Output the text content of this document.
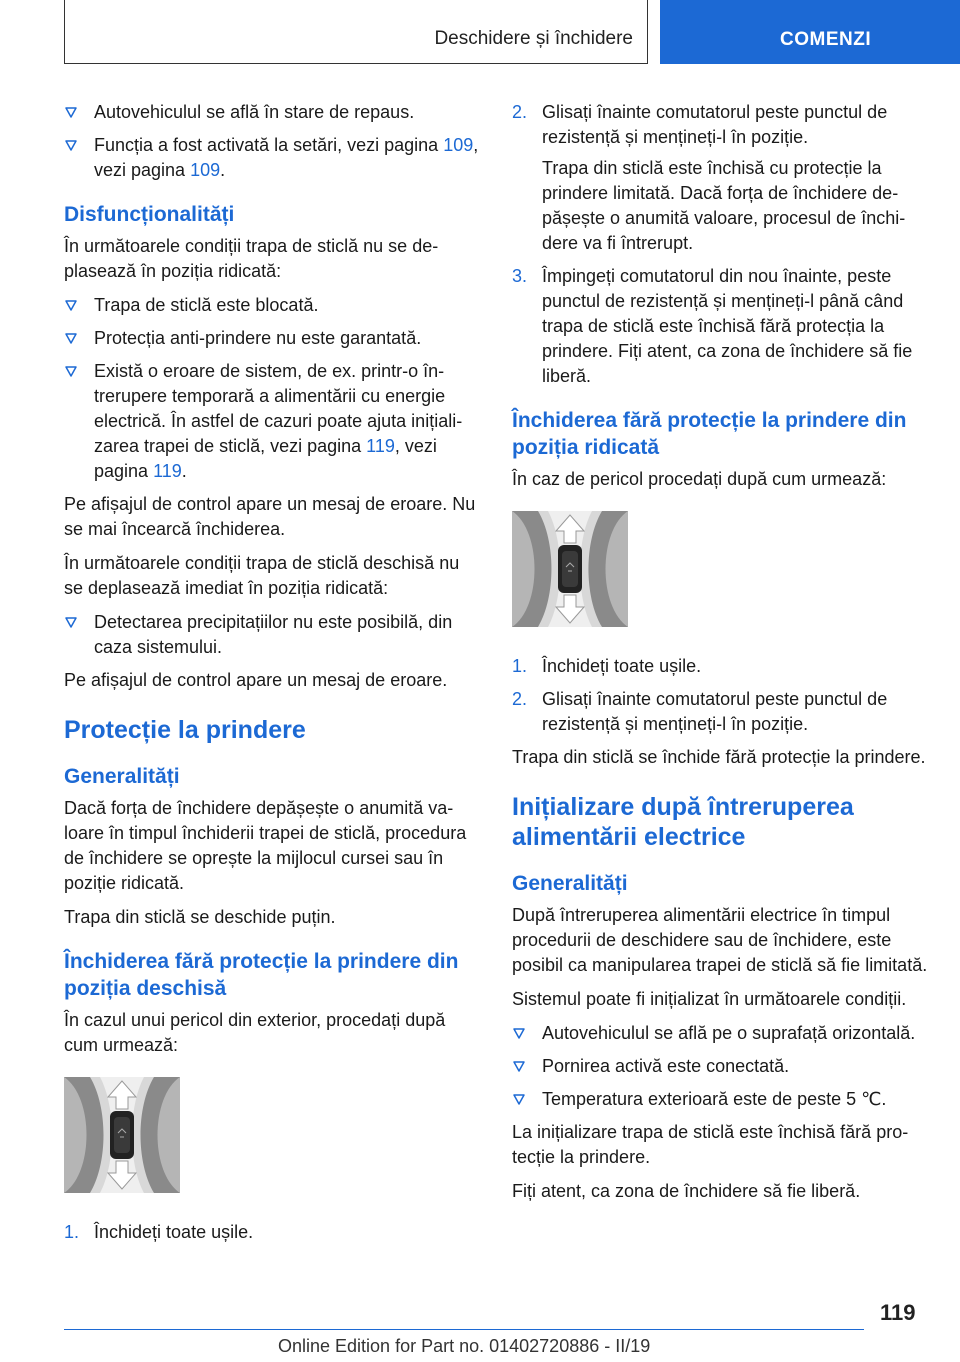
Deschidere și închidere	COMENZI
Autovehiculul se află în stare de repaus.
Funcția a fost activată la setări, vezi pagina 109, vezi pagina 109.
Disfuncționalități

În următoarele condiții trapa de sticlă nu se deplasează în poziția ridicată:

Trapa de sticlă este blocată.
Protecția anti-prindere nu este garantată.
Există o eroare de sistem, de ex. printr-o întrerupere temporară a alimentării cu energie electrică. În astfel de cazuri poate ajuta inițializarea trapei de sticlă, vezi pagina 119, vezi pagina 119.

Pe afișajul de control apare un mesaj de eroare. Nu se mai încearcă închiderea.

În următoarele condiții trapa de sticlă deschisă nu se deplasează imediat în poziția ridicată:

Detectarea precipitațiilor nu este posibilă, din caza sistemului.

Pe afișajul de control apare un mesaj de eroare.

Protecție la prindere
Generalități

Dacă forța de închidere depășește o anumită valoare în timpul închiderii trapei de sticlă, procedura de închidere se oprește la mijlocul cursei sau în poziție ridicată.

Trapa din sticlă se deschide puțin.

Închiderea fără protecție la prindere din poziția deschisă

În cazul unui pericol din exterior, procedați după cum urmează:

1. Închideți toate ușile.
2. Glisați înainte comutatorul peste punctul de rezistență și mențineți-l în poziție.
Trapa din sticlă este închisă cu protecție la prindere limitată. Dacă forța de închidere depășește o anumită valoare, procesul de închidere va fi întrerupt.
3. Împingeți comutatorul din nou înainte, peste punctul de rezistență și mențineți-l până când trapa de sticlă este închisă fără protecția la prindere. Fiți atent, ca zona de închidere să fie liberă.
Închiderea fără protecție la prindere din poziția ridicată

În caz de pericol procedați după cum urmează:

1. Închideți toate ușile.
2. Glisați înainte comutatorul peste punctul de rezistență și mențineți-l în poziție.

Trapa din sticlă se închide fără protecție la prindere.

Inițializare după întreruperea alimentării electrice
Generalități

După întreruperea alimentării electrice în timpul procedurii de deschidere sau de închidere, este posibil ca manipularea trapei de sticlă să fie limitată.

Sistemul poate fi inițializat în următoarele condiții.

Autovehiculul se află pe o suprafață orizontală.
Pornirea activă este conectată.
Temperatura exterioară este de peste 5 ℃.

La inițializare trapa de sticlă este închisă fără protecție la prindere.

Fiți atent, ca zona de închidere să fie liberă.

119
Online Edition for Part no. 01402720886 - II/19
